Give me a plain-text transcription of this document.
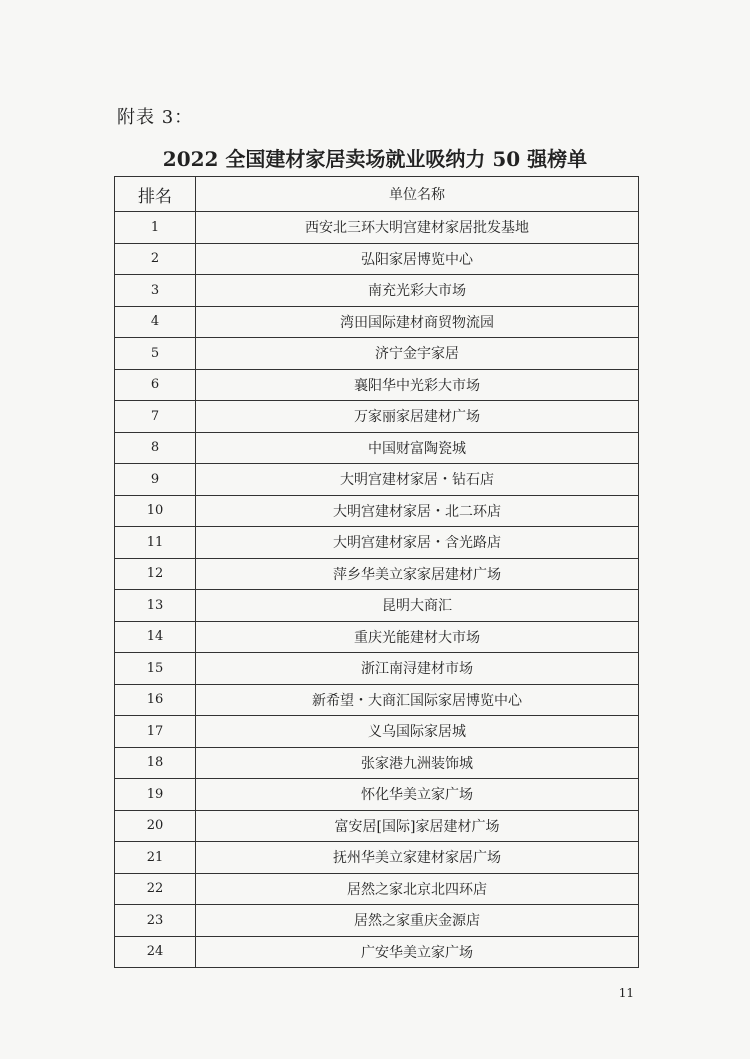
附表 3：
2022 全国建材家居卖场就业吸纳力 50 强榜单
排名	单位名称
1	西安北三环大明宫建材家居批发基地
2	弘阳家居博览中心
3	南充光彩大市场
4	湾田国际建材商贸物流园
5	济宁金宇家居
6	襄阳华中光彩大市场
7	万家丽家居建材广场
8	中国财富陶瓷城
9	大明宫建材家居・钻石店
10	大明宫建材家居・北二环店
11	大明宫建材家居・含光路店
12	萍乡华美立家家居建材广场
13	昆明大商汇
14	重庆光能建材大市场
15	浙江南浔建材市场
16	新希望・大商汇国际家居博览中心
17	义乌国际家居城
18	张家港九洲装饰城
19	怀化华美立家广场
20	富安居[国际]家居建材广场
21	抚州华美立家建材家居广场
22	居然之家北京北四环店
23	居然之家重庆金源店
24	广安华美立家广场
11
